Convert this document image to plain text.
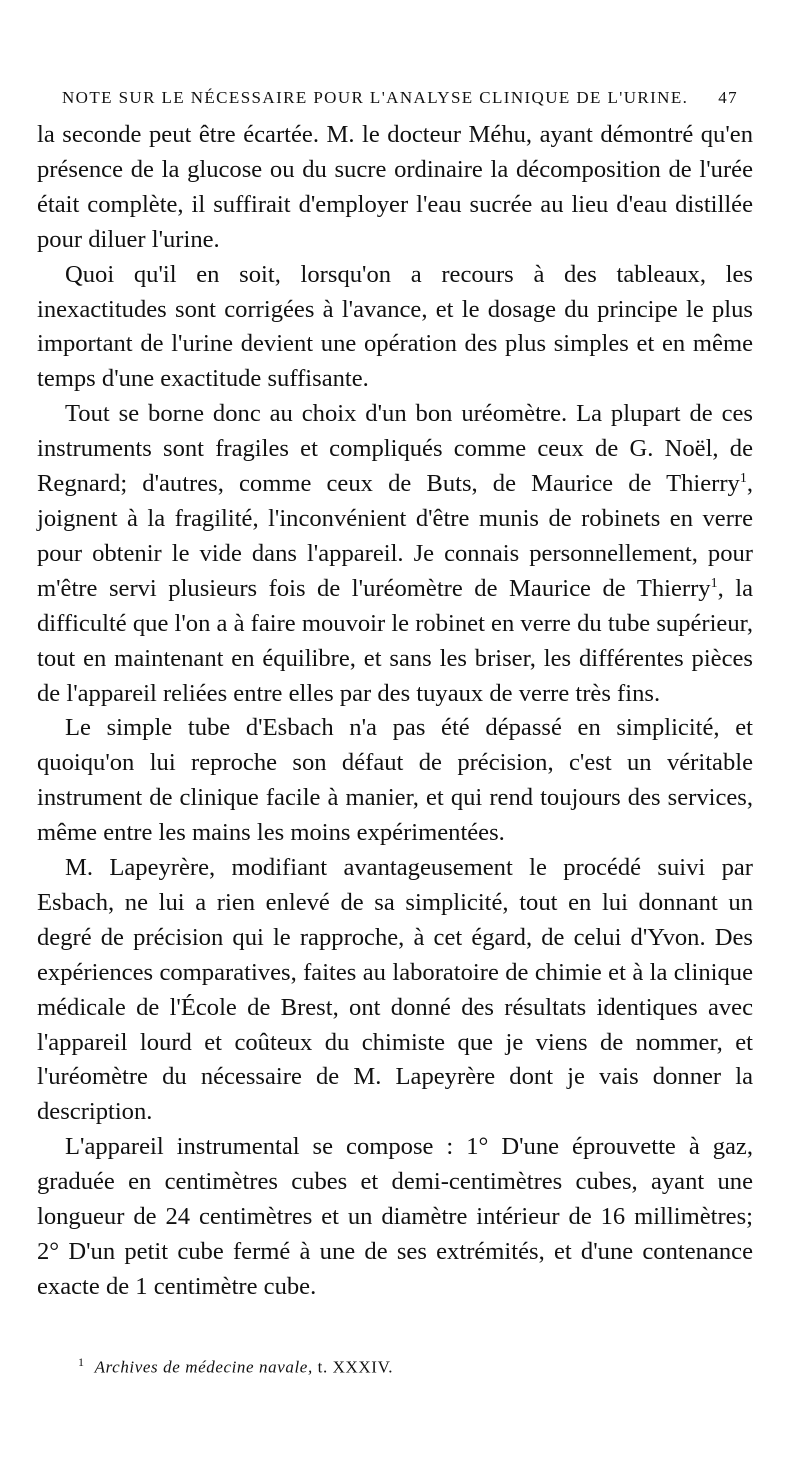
NOTE SUR LE NÉCESSAIRE POUR L'ANALYSE CLINIQUE DE L'URINE. 47

la seconde peut être écartée. M. le docteur Méhu, ayant démontré qu'en présence de la glucose ou du sucre ordinaire la décomposition de l'urée était complète, il suffirait d'employer l'eau sucrée au lieu d'eau distillée pour diluer l'urine.

Quoi qu'il en soit, lorsqu'on a recours à des tableaux, les inexactitudes sont corrigées à l'avance, et le dosage du principe le plus important de l'urine devient une opération des plus simples et en même temps d'une exactitude suffisante.

Tout se borne donc au choix d'un bon uréomètre. La plupart de ces instruments sont fragiles et compliqués comme ceux de G. Noël, de Regnard; d'autres, comme ceux de Buts, de Maurice de Thierry$^1$, joignent à la fragilité, l'inconvénient d'être munis de robinets en verre pour obtenir le vide dans l'appareil. Je connais personnellement, pour m'être servi plusieurs fois de l'uréomètre de Maurice de Thierry$^1$, la difficulté que l'on a à faire mouvoir le robinet en verre du tube supérieur, tout en maintenant en équilibre, et sans les briser, les différentes pièces de l'appareil reliées entre elles par des tuyaux de verre très fins.

Le simple tube d'Esbach n'a pas été dépassé en simplicité, et quoiqu'on lui reproche son défaut de précision, c'est un véritable instrument de clinique facile à manier, et qui rend toujours des services, même entre les mains les moins expérimentées.

M. Lapeyrère, modifiant avantageusement le procédé suivi par Esbach, ne lui a rien enlevé de sa simplicité, tout en lui donnant un degré de précision qui le rapproche, à cet égard, de celui d'Yvon. Des expériences comparatives, faites au laboratoire de chimie et à la clinique médicale de l'École de Brest, ont donné des résultats identiques avec l'appareil lourd et coûteux du chimiste que je viens de nommer, et l'uréomètre du nécessaire de M. Lapeyrère dont je vais donner la description.

L'appareil instrumental se compose : 1° D'une éprouvette à gaz, graduée en centimètres cubes et demi-centimètres cubes, ayant une longueur de 24 centimètres et un diamètre intérieur de 16 millimètres; 2° D'un petit cube fermé à une de ses extrémités, et d'une contenance exacte de 1 centimètre cube.

$^1$ Archives de médecine navale, t. XXXIV.
